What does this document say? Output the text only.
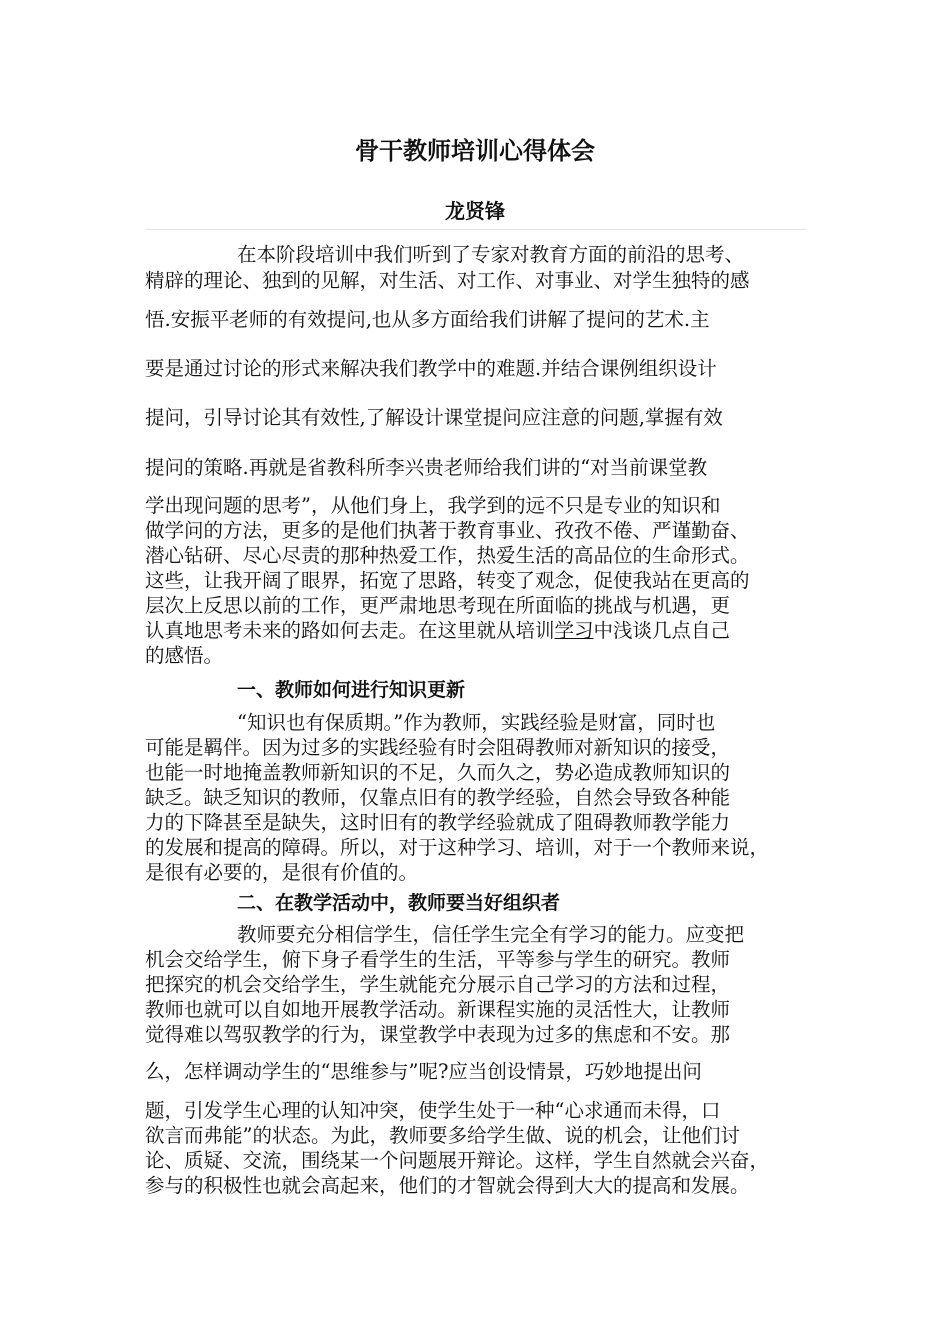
骨干教师培训心得体会
龙贤锋
在本阶段培训中我们听到了专家对教育方面的前沿的思考、
精辟的理论、独到的见解，对生活、对工作、对事业、对学生独特的感
悟.安振平老师的有效提问,也从多方面给我们讲解了提问的艺术.主
要是通过讨论的形式来解决我们教学中的难题.并结合课例组织设计
提问，引导讨论其有效性,了解设计课堂提问应注意的问题,掌握有效
提问的策略.再就是省教科所李兴贵老师给我们讲的“对当前课堂教
学出现问题的思考”，从他们身上，我学到的远不只是专业的知识和
做学问的方法，更多的是他们执著于教育事业、孜孜不倦、严谨勤奋、
潜心钻研、尽心尽责的那种热爱工作，热爱生活的高品位的生命形式。
这些，让我开阔了眼界，拓宽了思路，转变了观念，促使我站在更高的
层次上反思以前的工作，更严肃地思考现在所面临的挑战与机遇，更
认真地思考未来的路如何去走。在这里就从培训学习中浅谈几点自己
的感悟。
一、教师如何进行知识更新
“知识也有保质期。”作为教师，实践经验是财富，同时也
可能是羁伴。因为过多的实践经验有时会阻碍教师对新知识的接受，
也能一时地掩盖教师新知识的不足，久而久之，势必造成教师知识的
缺乏。缺乏知识的教师，仅靠点旧有的教学经验，自然会导致各种能
力的下降甚至是缺失，这时旧有的教学经验就成了阻碍教师教学能力
的发展和提高的障碍。所以，对于这种学习、培训，对于一个教师来说，
是很有必要的，是很有价值的。
二、在教学活动中，教师要当好组织者
教师要充分相信学生，信任学生完全有学习的能力。应变把
机会交给学生，俯下身子看学生的生活，平等参与学生的研究。教师
把探究的机会交给学生，学生就能充分展示自己学习的方法和过程，
教师也就可以自如地开展教学活动。新课程实施的灵活性大，让教师
觉得难以驾驭教学的行为，课堂教学中表现为过多的焦虑和不安。那
么，怎样调动学生的“思维参与”呢?应当创设情景，巧妙地提出问
题，引发学生心理的认知冲突，使学生处于一种“心求通而未得，口
欲言而弗能”的状态。为此，教师要多给学生做、说的机会，让他们讨
论、质疑、交流，围绕某一个问题展开辩论。这样，学生自然就会兴奋，
参与的积极性也就会高起来，他们的才智就会得到大大的提高和发展。
